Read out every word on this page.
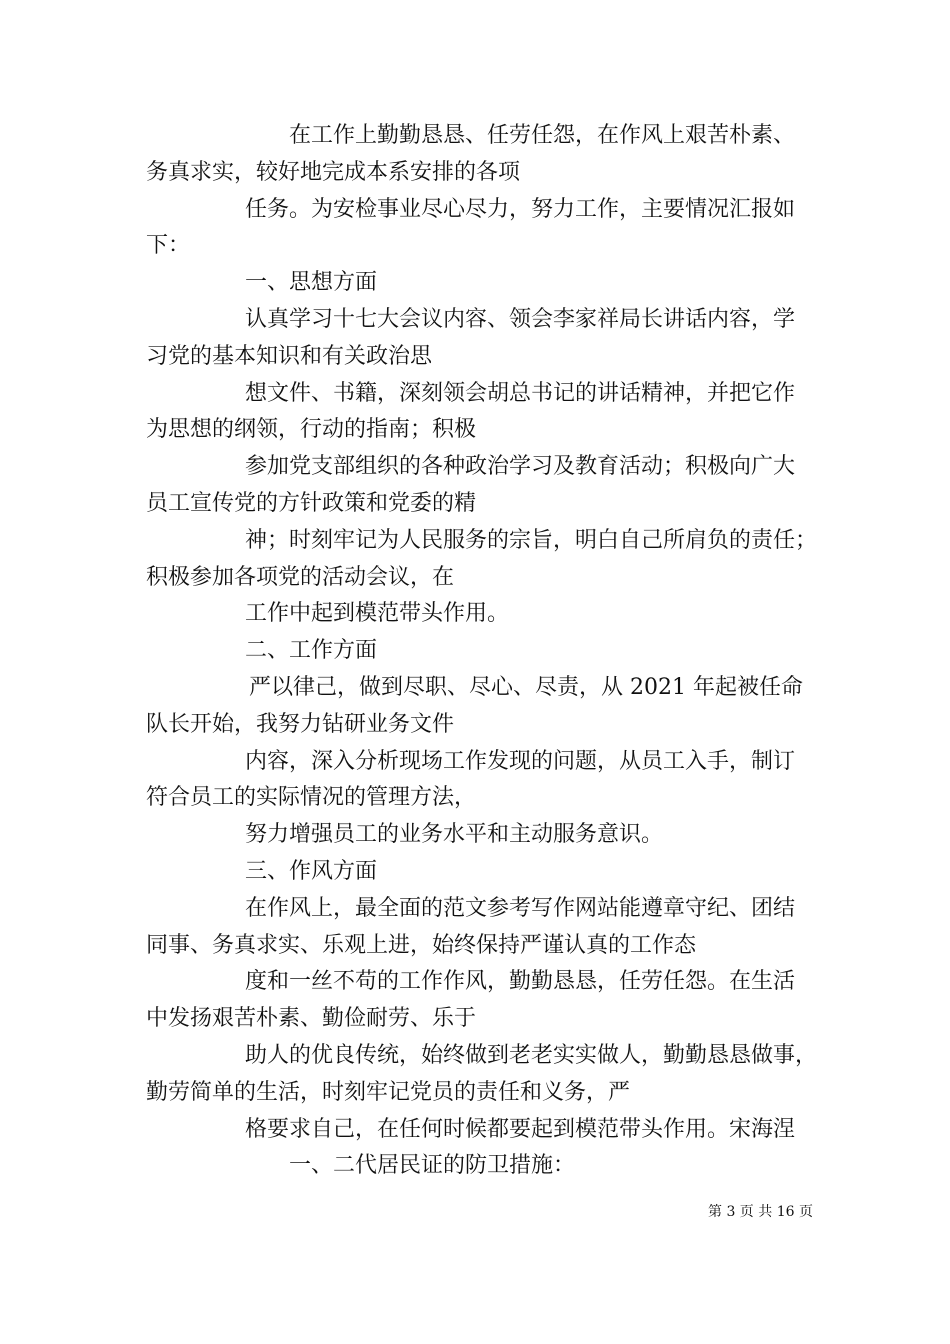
在工作上勤勤恳恳、任劳任怨，在作风上艰苦朴素、
务真求实，较好地完成本系安排的各项
任务。为安检事业尽心尽力，努力工作，主要情况汇报如
下：
一、思想方面
认真学习十七大会议内容、领会李家祥局长讲话内容，学
习党的基本知识和有关政治思
想文件、书籍，深刻领会胡总书记的讲话精神，并把它作
为思想的纲领，行动的指南；积极
参加党支部组织的各种政治学习及教育活动；积极向广大
员工宣传党的方针政策和党委的精
神；时刻牢记为人民服务的宗旨，明白自己所肩负的责任；
积极参加各项党的活动会议，在
工作中起到模范带头作用。
二、工作方面
严以律己，做到尽职、尽心、尽责，从 2021 年起被任命
队长开始，我努力钻研业务文件
内容，深入分析现场工作发现的问题，从员工入手，制订
符合员工的实际情况的管理方法，
努力增强员工的业务水平和主动服务意识。
三、作风方面
在作风上，最全面的范文参考写作网站能遵章守纪、团结
同事、务真求实、乐观上进，始终保持严谨认真的工作态
度和一丝不苟的工作作风，勤勤恳恳，任劳任怨。在生活
中发扬艰苦朴素、勤俭耐劳、乐于
助人的优良传统，始终做到老老实实做人，勤勤恳恳做事，
勤劳简单的生活，时刻牢记党员的责任和义务，严
格要求自己，在任何时候都要起到模范带头作用。宋海涅
一、二代居民证的防卫措施：
第 3 页 共 16 页
